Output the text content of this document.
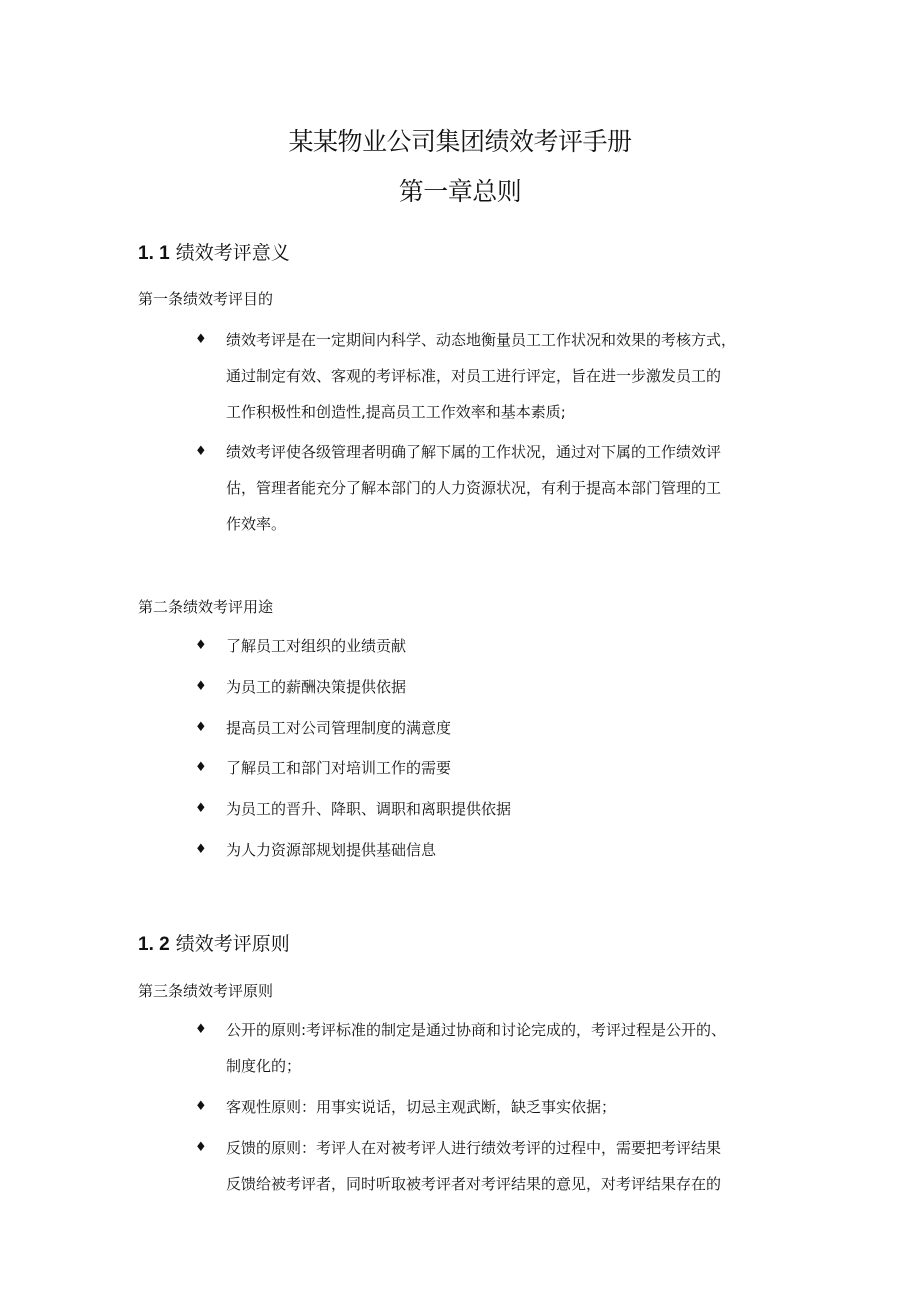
某某物业公司集团绩效考评手册
第一章总则
1. 1 绩效考评意义
第一条绩效考评目的
♦ 绩效考评是在一定期间内科学、动态地衡量员工工作状况和效果的考核方式，
通过制定有效、客观的考评标准，对员工进行评定，旨在进一步激发员工的
工作积极性和创造性,提高员工工作效率和基本素质;
♦ 绩效考评使各级管理者明确了解下属的工作状况，通过对下属的工作绩效评
估，管理者能充分了解本部门的人力资源状况，有利于提高本部门管理的工
作效率。
第二条绩效考评用途
♦ 了解员工对组织的业绩贡献
♦ 为员工的薪酬决策提供依据
♦ 提高员工对公司管理制度的满意度
♦ 了解员工和部门对培训工作的需要
♦ 为员工的晋升、降职、调职和离职提供依据
♦ 为人力资源部规划提供基础信息
1. 2 绩效考评原则
第三条绩效考评原则
♦ 公开的原则:考评标准的制定是通过协商和讨论完成的，考评过程是公开的、
制度化的；
♦ 客观性原则：用事实说话，切忌主观武断，缺乏事实依据；
♦ 反馈的原则：考评人在对被考评人进行绩效考评的过程中，需要把考评结果
反馈给被考评者，同时听取被考评者对考评结果的意见，对考评结果存在的
